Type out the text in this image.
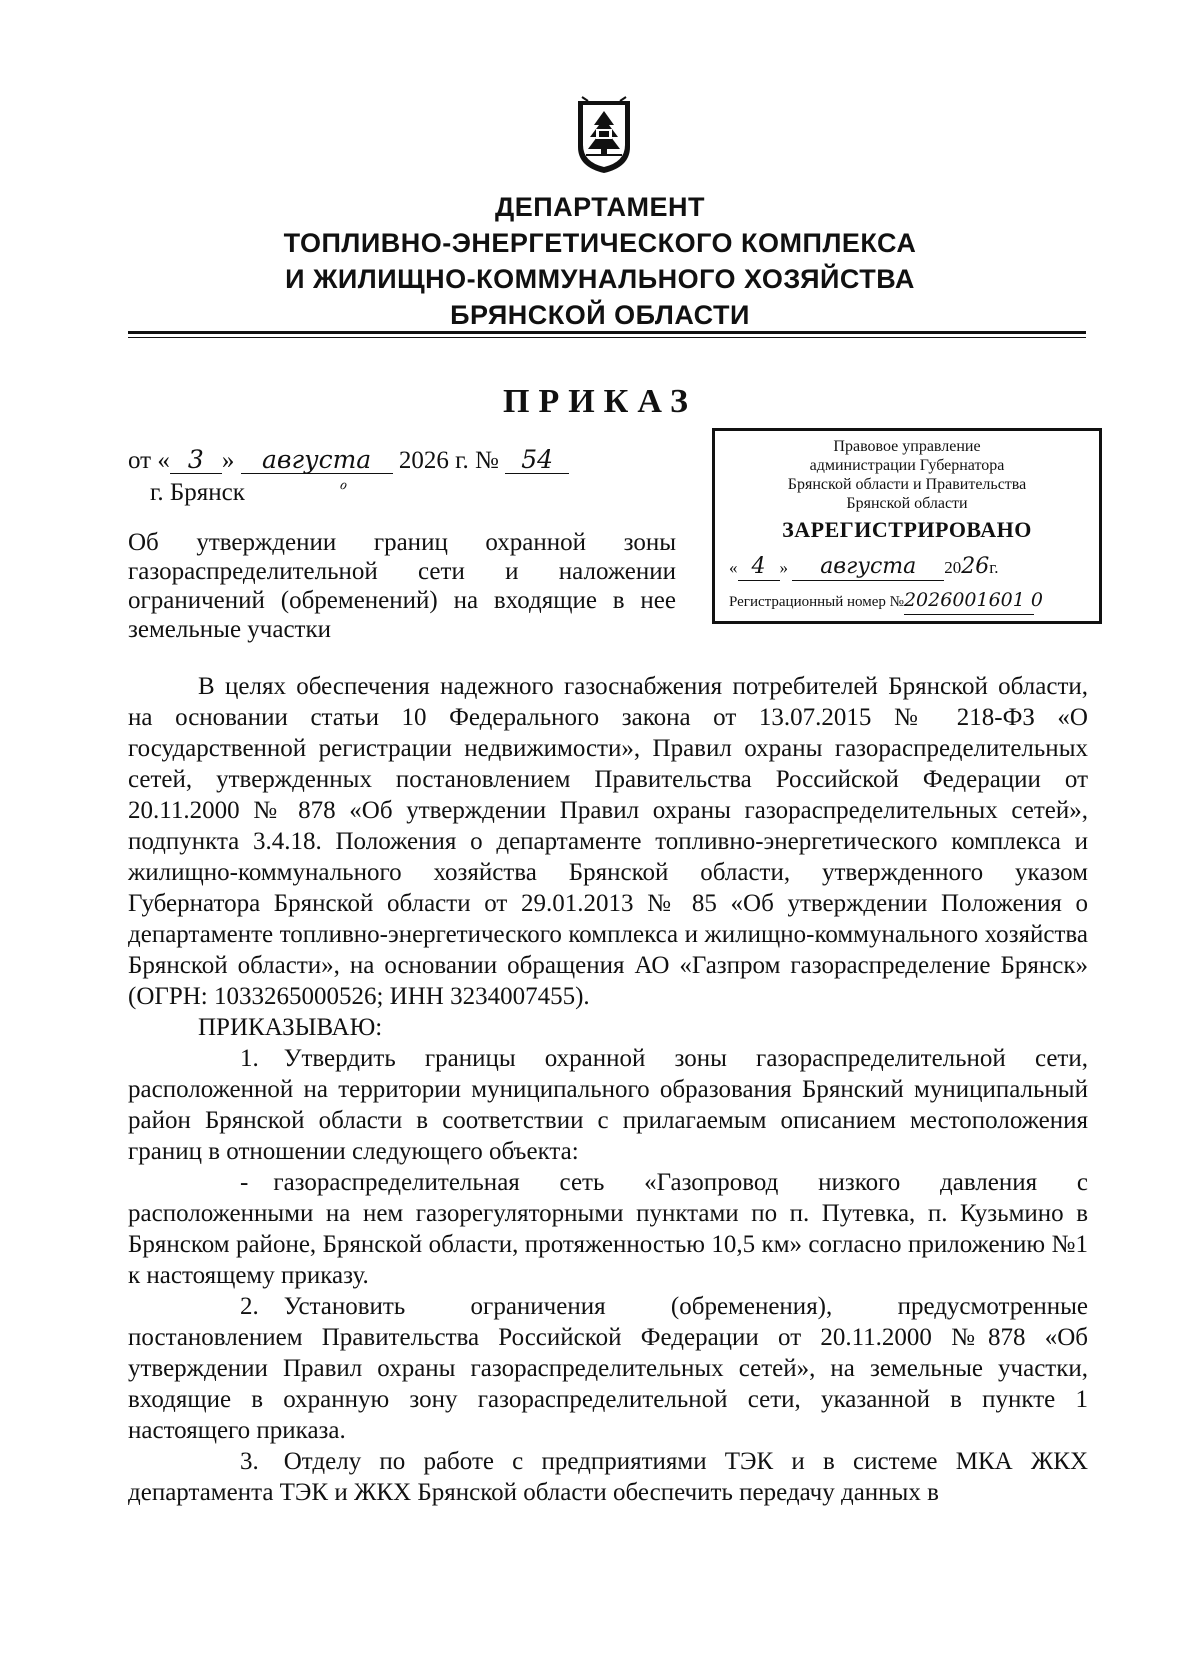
ДЕПАРТАМЕНТ
ТОПЛИВНО-ЭНЕРГЕТИЧЕСКОГО КОМПЛЕКСА
И ЖИЛИЩНО-КОММУНАЛЬНОГО ХОЗЯЙСТВА
БРЯНСКОЙ ОБЛАСТИ
ПРИКАЗ
от « 3 » августа 2026 г. № 54
ℴ
г. Брянск
Об утверждении границ охранной зоны газораспределительной сети и наложении ограничений (обременений) на входящие в нее земельные участки
Правовое управление
администрации Губернатора
Брянской области и Правительства
Брянской области
ЗАРЕГИСТРИРОВАНО
« 4 » августа 2026г.
Регистрационный номер №2026001601 0

В целях обеспечения надежного газоснабжения потребителей Брянской области, на основании статьи 10 Федерального закона от 13.07.2015 № 218-ФЗ «О государственной регистрации недвижимости», Правил охраны газораспределительных сетей, утвержденных постановлением Правительства Российской Федерации от 20.11.2000 № 878 «Об утверждении Правил охраны газораспределительных сетей», подпункта 3.4.18. Положения о департаменте топливно-энергетического комплекса и жилищно-коммунального хозяйства Брянской области, утвержденного указом Губернатора Брянской области от 29.01.2013 № 85 «Об утверждении Положения о департаменте топливно-энергетического комплекса и жилищно-коммунального хозяйства Брянской области», на основании обращения АО «Газпром газораспределение Брянск» (ОГРН: 1033265000526; ИНН 3234007455).

ПРИКАЗЫВАЮ:

1. Утвердить границы охранной зоны газораспределительной сети, расположенной на территории муниципального образования Брянский муниципальный район Брянской области в соответствии с прилагаемым описанием местоположения границ в отношении следующего объекта:

- газораспределительная сеть «Газопровод низкого давления с расположенными на нем газорегуляторными пунктами по п. Путевка, п. Кузьмино в Брянском районе, Брянской области, протяженностью 10,5 км» согласно приложению №1 к настоящему приказу.

2. Установить ограничения (обременения), предусмотренные постановлением Правительства Российской Федерации от 20.11.2000 №878 «Об утверждении Правил охраны газораспределительных сетей», на земельные участки, входящие в охранную зону газораспределительной сети, указанной в пункте 1 настоящего приказа.

3. Отделу по работе с предприятиями ТЭК и в системе МКА ЖКХ департамента ТЭК и ЖКХ Брянской области обеспечить передачу данных в
